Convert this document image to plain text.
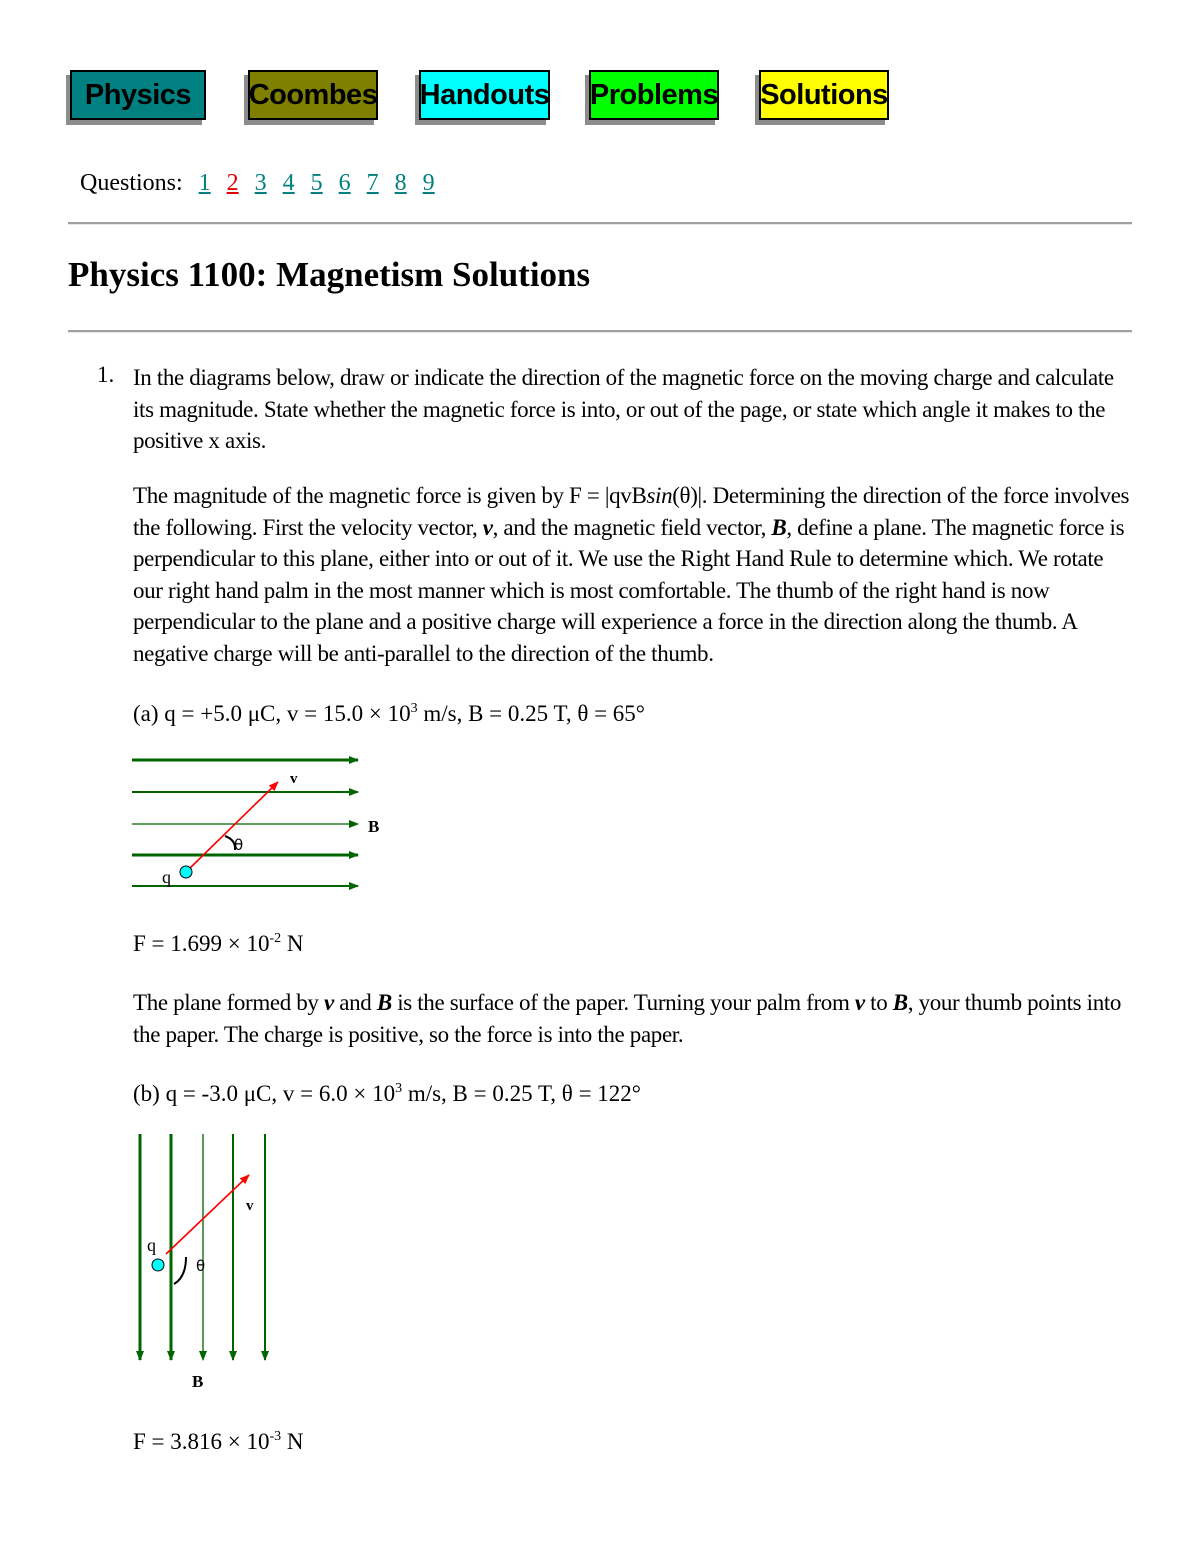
Physics	Coombes Handouts Problems Solutions
Questions: 1 2 3 4 5 6 7 8 9
Physics 1100: Magnetism Solutions
1. In the diagrams below, draw or indicate the direction of the magnetic force on the moving charge and calculate its magnitude. State whether the magnetic force is into, or out of the page, or state which angle it makes to the positive x axis.

The magnitude of the magnetic force is given by F = |qvBsin(θ)|. Determining the direction of the force involves the following. First the velocity vector, v, and the magnetic field vector, B, define a plane. The magnetic force is perpendicular to this plane, either into or out of it. We use the Right Hand Rule to determine which. We rotate our right hand palm in the most manner which is most comfortable. The thumb of the right hand is now perpendicular to the plane and a positive charge will experience a force in the direction along the thumb. A negative charge will be anti-parallel to the direction of the thumb.

(a) q = +5.0 μC, $v = 15.0 \times 10^3$ m/s, B = 0.25 T, θ = 65°

q
θ
v
B

$F = 1.699 \times 10^{-2}$ N

The plane formed by v and B is the surface of the paper. Turning your palm from v to B, your thumb points into the paper. The charge is positive, so the force is into the paper.

(b) q = -3.0 μC, $v = 6.0 \times 10^3$ m/s, B = 0.25 T, θ = 122°

q
θ
v
B

$F = 3.816 \times 10^{-3}$ N
